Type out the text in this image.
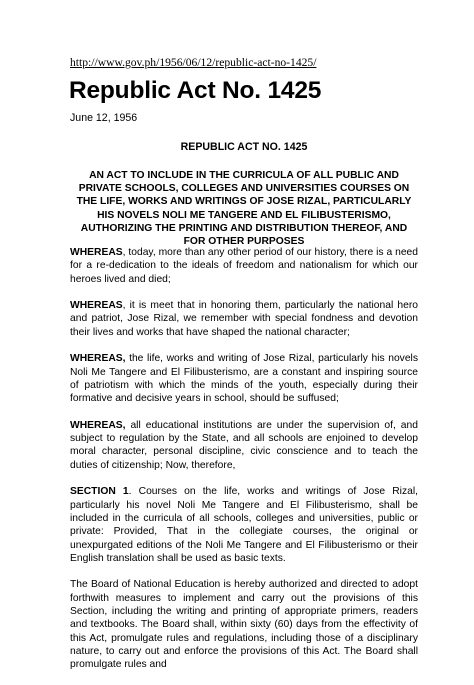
http://www.gov.ph/1956/06/12/republic-act-no-1425/
Republic Act No. 1425
June 12, 1956
REPUBLIC ACT NO. 1425
AN ACT TO INCLUDE IN THE CURRICULA OF ALL PUBLIC AND PRIVATE SCHOOLS, COLLEGES AND UNIVERSITIES COURSES ON THE LIFE, WORKS AND WRITINGS OF JOSE RIZAL, PARTICULARLY HIS NOVELS NOLI ME TANGERE AND EL FILIBUSTERISMO, AUTHORIZING THE PRINTING AND DISTRIBUTION THEREOF, AND FOR OTHER PURPOSES

WHEREAS, today, more than any other period of our history, there is a need for a re-dedication to the ideals of freedom and nationalism for which our heroes lived and died;

WHEREAS, it is meet that in honoring them, particularly the national hero and patriot, Jose Rizal, we remember with special fondness and devotion their lives and works that have shaped the national character;

WHEREAS, the life, works and writing of Jose Rizal, particularly his novels Noli Me Tangere and El Filibusterismo, are a constant and inspiring source of patriotism with which the minds of the youth, especially during their formative and decisive years in school, should be suffused;

WHEREAS, all educational institutions are under the supervision of, and subject to regulation by the State, and all schools are enjoined to develop moral character, personal discipline, civic conscience and to teach the duties of citizenship; Now, therefore,

SECTION 1. Courses on the life, works and writings of Jose Rizal, particularly his novel Noli Me Tangere and El Filibusterismo, shall be included in the curricula of all schools, colleges and universities, public or private: Provided, That in the collegiate courses, the original or unexpurgated editions of the Noli Me Tangere and El Filibusterismo or their English translation shall be used as basic texts.

The Board of National Education is hereby authorized and directed to adopt forthwith measures to implement and carry out the provisions of this Section, including the writing and printing of appropriate primers, readers and textbooks. The Board shall, within sixty (60) days from the effectivity of this Act, promulgate rules and regulations, including those of a disciplinary nature, to carry out and enforce the provisions of this Act. The Board shall promulgate rules and
